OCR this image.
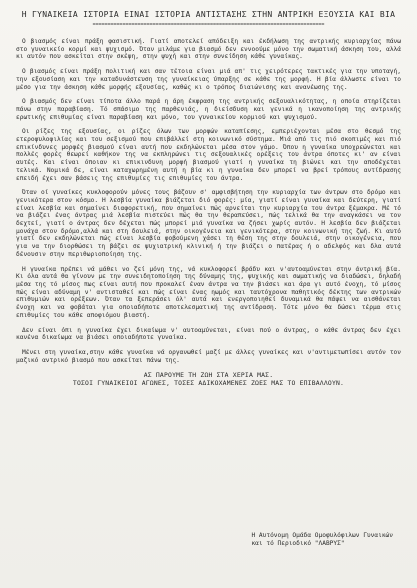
Η ΓΥΝΑΙΚΕΙΑ ΙΣΤΟΡΙΑ ΕΙΝΑΙ ΙΣΤΟΡΙΑ ΑΝΤΙΣΤΑΣΗΣ ΣΤΗΝ ΑΝΤΡΙΚΗ ΕΞΟΥΣΙΑ ΚΑΙ ΒΙΑ
=============================================================================

Ο βιασμός είναι πράξη φασιστική. Γιατί αποτελεί απόδειξη και έκδήλωση της αντρικής κυριαρχίας πάνω στο γυναικείο κορμί και ψυχισμό. Όταν μιλάμε για βιασμό δεν εννοούμε μόνο την σωματική άσκηση του, αλλά κι αυτόν που ασκείται στην σκέψη, στην ψυχή και στην συνείδηση κάθε γυναίκας.

Ο βιασμός είναι πράξη πολιτική και σαν τέτοια είναι μιά απ' τις χειρότερες τακτικές για την υποταγή, την εξουσίαση και την καταδυνάστευση της γυναίκειας ύπαρξης σε κάθε της μορφή. Η βία άλλωστε είναι το μέσο για την άσκηση κάθε μορφής εξουσίας, καθώς κι ο τρόπος διαιώνισης και ανανέωσης της.

Ο βιασμός δεν είναι τίποτα άλλο παρά η άρη έκφραση της αντρικής σεξουαλικότητας, η οποία στηρίζεται πάνω στην παραβίαση. Τό σπάσιμο της παρθενιάς, η διείσδυση και γενικά η ικανοποίηση της αντρικής ερωτικής επιθυμίας είναι παραβίαση και μόνο, του γυναικείου κορμιού και ψυχισμού.

Οι ρίζες της εξουσίας, οι ρίζες όλων των μορφών καταπίεσης, εμπεριέχονται μέσα στο θεσμό της ετεροφυλοφιλίας και του σεξισμού που επιβάλλεί στη κοινωνικό σύστημα. Μιά από τις πιό σκοπιμές και πιό επικίνδυνες μορφές βιασμού είναι αυτή που εκδηλώνεται μέσα στον γάμο. Όπου η γυναίκα υποχρεώνεται και πολλές φορές θεωρεί καθήκον της να εκπληρώνει τις σεξουαλικές ορέξεις του άντρα όποτες κι' αν είναι αυτές. Και είναι όποιαν κι επικινδυνη μορφή βιασμού γιατί η γυναίκα τη βιώνει και την αποδέχεται τελικά. Νομικά δε, είναι καταχωρημένη αυτή η βία κι η γυναίκα δεν μπορεί να βρεί τρόπους αντίδρασης επειδή έχει σαν βάσεις της επιθυμίες τις επιθυμίες του άντρα.

Όταν οί γυναίκες κυκλοφορούν μόνες τους βάζουν σ' αμφισβήτηση την κυριαρχία των άντρων στο δρόμο και γενικότερα στον κόσμο. Η λεσβία γυναίκα βιάζεται διό φορές: μία, γιατί είναι γυναίκα και δεύτερη, γιατί είναι λεσβία και σημαίνει διαφορετική, που σημαίνει πώς αρνείται την κυριαρχία του άντρα ξέμακρα. Μέ τό να βιάζει ένας άντρας μιά λεσβία πιστεύει πώς θα την θεραπεύσει, πώς τελικά θα την αναγκάσει να τον δεχτεί, γιατί ο άντρας δεν δέχεται πώς μπορεί μιά γυναίκα να ζήσει χωρίς αυτόν. Η λεσβία δεν βιάζεται μονάχα στον δρόμο,αλλά και στη δουλειά, στην οικογένεια και γενικότερα, στην κοινωνική της ζωή. Κι αυτό γιατί δεν εκδηλώνεται πώς είναι λεσβία φοβούμενη χάσει τη θέση της στην δουλειά, στην οικογένεια, που για να την διορθώσει τη βάζει σε ψυχιατρική κλινική ή την βιάζει ο πατέρας ή ο αδελφός και δλα αυτά δένουσιν στην περιθωριοποίηση της.

Η γυναίκα πρέπει νά μάθει νο ζεί μόνη της, νά κυκλοφορεί βράδυ και ν'αυτοαμύνεται στην άντρική βία. Κι όλα αυτά θα γίνουν με την συνειδητοποίηση της δύναμης της, ψυχικής και σωματικής να διαδώσει, δηλαδή μέσα της τό μίσος πως είναι αυτή που προκαλεί έναν άντρα να την βιάσει και άρα γι αυτό ένοχη, τό μίσος πώς είναι αδύναμη ν' αντισταθεί και πώς είναι ένας ηωμός και ταυτόχρονα παθητικός δέκτης των αντρικών επιθυμιών και ορέξεων. Όταν τα ξεπεράσει όλ' αυτά και ενεργοποιηθεί δυναμικά θα πάψει να αισθάνεται ένοχη και να φοβάται για οποιαδήποτε αποτελεσματική της αντίδραση. Τότε μόνο θα δώσει τέρμα στις επιθυμίες του κάθε αποφιόμου βιαστή.

Δεν είναι όπι η γυναίκα έχει δικαίωμα ν' αυτοαμύνεται, είναι πού ο άντρας, ο κάθε άντρας δεν έχει κανένα δικαίωμα να βιάσει οποιαδήποτε γυναίκα.

Μένει στη γυναίκα,στην κάθε γυναίκα νά οργανωθεί μαζί με άλλες γυναίκες και ν'αντιμετωπίσει αυτόν τον μαζικό αντρικό βιασμό που ασκείται πάνω της.

ΑΣ ΠΑΡΟΥΜΕ ΤΗ ΖΩΗ ΣΤΑ ΧΕΡΙΑ ΜΑΣ.

ΤΟΣΟΙ ΓΥΝΑΙΚΕΙΟΙ ΑΓΩΝΕΣ, ΤΟΣΕΣ ΑΔΙΚΟΧΑΜΕΝΕΣ ΖΩΕΣ ΜΑΣ ΤΟ ΕΠΙΒΑΛΛΟΥΝ.

Η Αυτόνομη Ομάδα Ομοφυλόφιλων Γυναικών
και τό Περιοδικό "ΛΑΒΡΥΣ"
